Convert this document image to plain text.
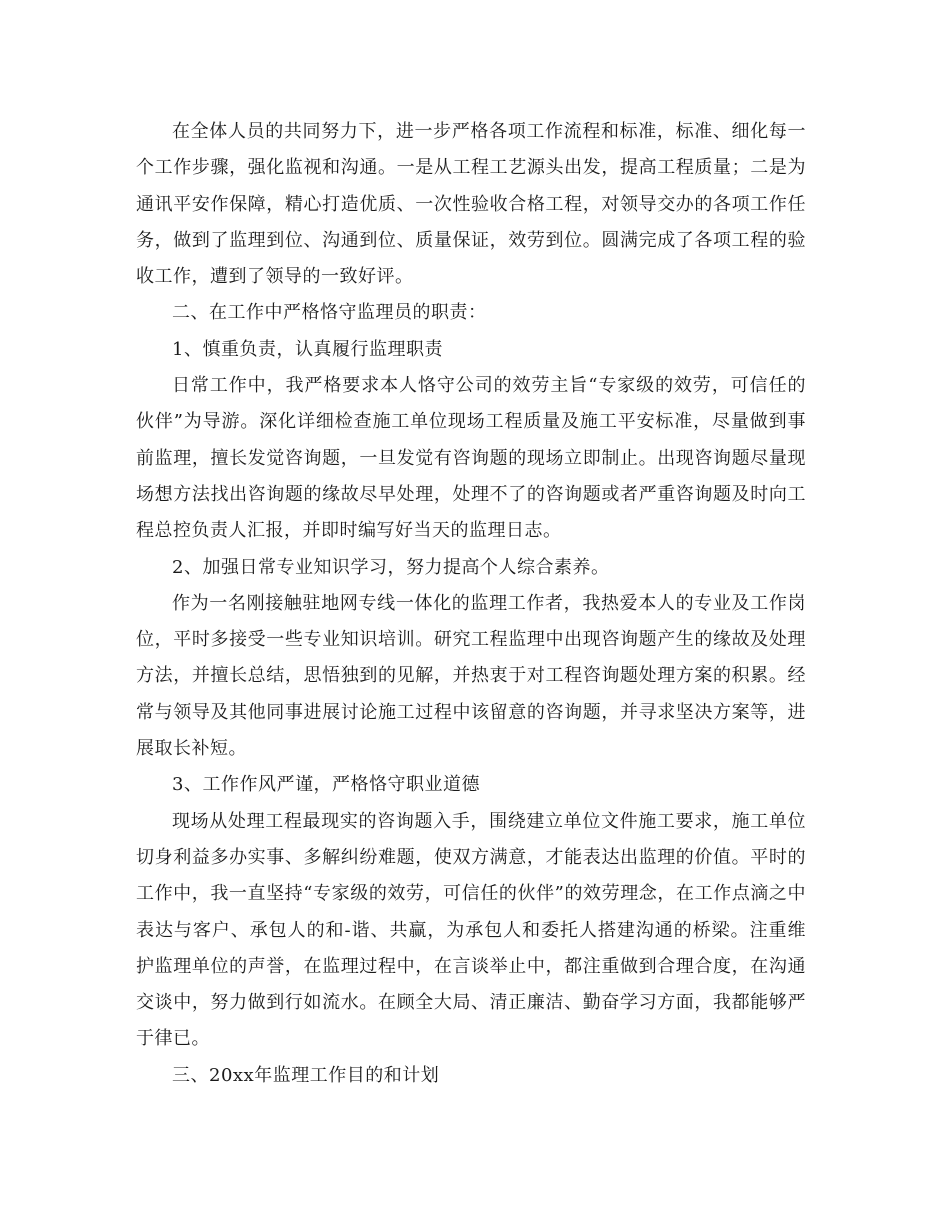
在全体人员的共同努力下，进一步严格各项工作流程和标准，标准、细化每一个工作步骤，强化监视和沟通。一是从工程工艺源头出发，提高工程质量；二是为通讯平安作保障，精心打造优质、一次性验收合格工程，对领导交办的各项工作任务，做到了监理到位、沟通到位、质量保证，效劳到位。圆满完成了各项工程的验收工作，遭到了领导的一致好评。

二、在工作中严格恪守监理员的职责：

1、慎重负责，认真履行监理职责

日常工作中，我严格要求本人恪守公司的效劳主旨“专家级的效劳，可信任的伙伴”为导游。深化详细检查施工单位现场工程质量及施工平安标准，尽量做到事前监理，擅长发觉咨询题，一旦发觉有咨询题的现场立即制止。出现咨询题尽量现场想方法找出咨询题的缘故尽早处理，处理不了的咨询题或者严重咨询题及时向工程总控负责人汇报，并即时编写好当天的监理日志。

2、加强日常专业知识学习，努力提高个人综合素养。

作为一名刚接触驻地网专线一体化的监理工作者，我热爱本人的专业及工作岗位，平时多接受一些专业知识培训。研究工程监理中出现咨询题产生的缘故及处理方法，并擅长总结，思悟独到的见解，并热衷于对工程咨询题处理方案的积累。经常与领导及其他同事进展讨论施工过程中该留意的咨询题，并寻求坚决方案等，进展取长补短。

3、工作作风严谨，严格恪守职业道德

现场从处理工程最现实的咨询题入手，围绕建立单位文件施工要求，施工单位切身利益多办实事、多解纠纷难题，使双方满意，才能表达出监理的价值。平时的工作中，我一直坚持“专家级的效劳，可信任的伙伴”的效劳理念，在工作点滴之中表达与客户、承包人的和-谐、共赢，为承包人和委托人搭建沟通的桥梁。注重维护监理单位的声誉，在监理过程中，在言谈举止中，都注重做到合理合度，在沟通交谈中，努力做到行如流水。在顾全大局、清正廉洁、勤奋学习方面，我都能够严于律已。

三、20xx年监理工作目的和计划
